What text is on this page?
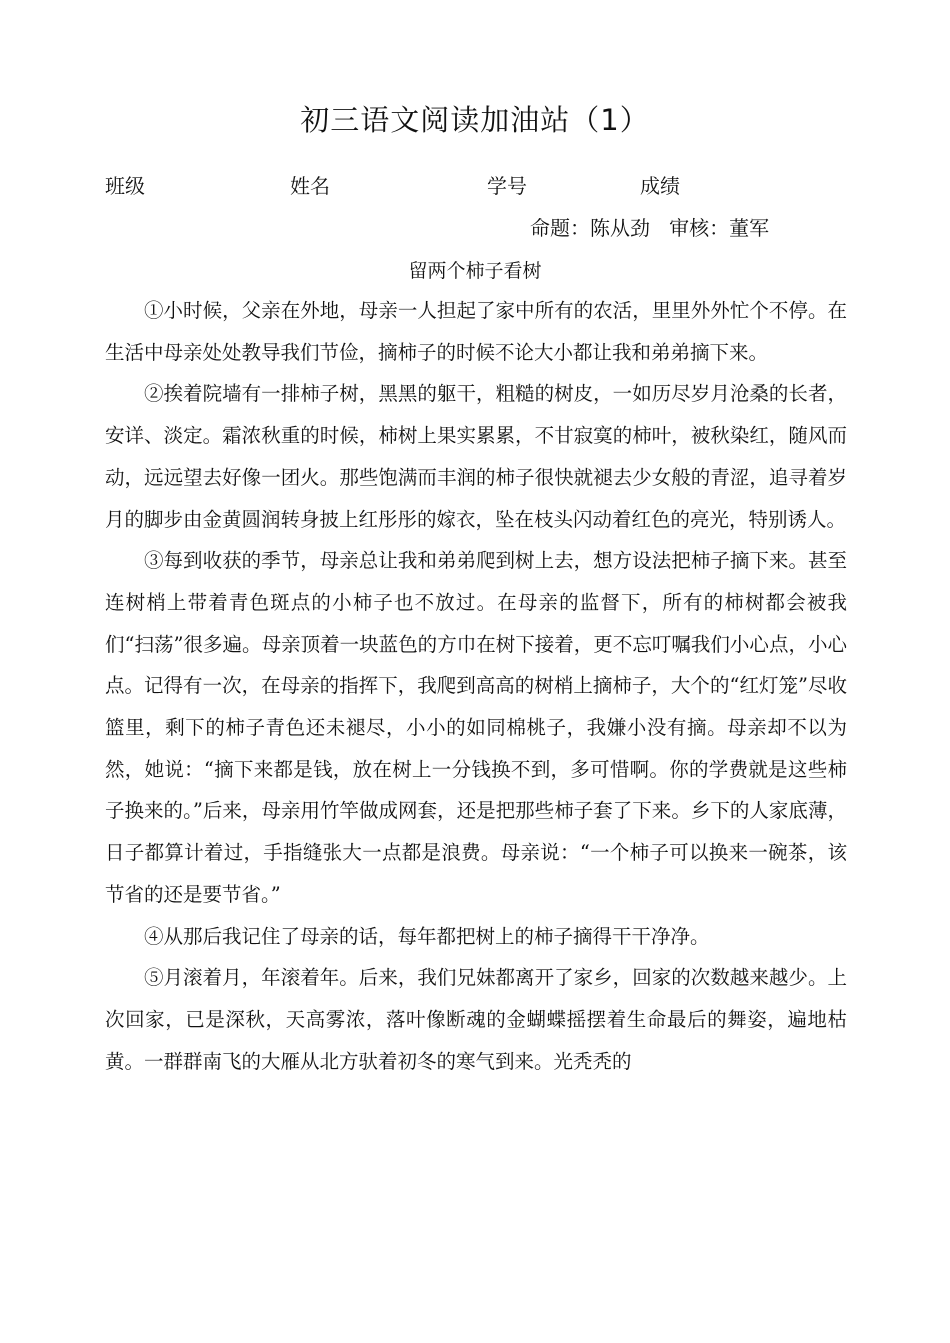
初三语文阅读加油站（1）
班级	姓名	学号	成绩
命题：陈从劲   审核：董军
留两个柿子看树

①小时候，父亲在外地，母亲一人担起了家中所有的农活，里里外外忙个不停。在生活中母亲处处教导我们节俭，摘柿子的时候不论大小都让我和弟弟摘下来。

②挨着院墙有一排柿子树，黑黑的躯干，粗糙的树皮，一如历尽岁月沧桑的长者，安详、淡定。霜浓秋重的时候，柿树上果实累累，不甘寂寞的柿叶，被秋染红，随风而动，远远望去好像一团火。那些饱满而丰润的柿子很快就褪去少女般的青涩，追寻着岁月的脚步由金黄圆润转身披上红彤彤的嫁衣，坠在枝头闪动着红色的亮光，特别诱人。

③每到收获的季节，母亲总让我和弟弟爬到树上去，想方设法把柿子摘下来。甚至连树梢上带着青色斑点的小柿子也不放过。在母亲的监督下，所有的柿树都会被我们“扫荡”很多遍。母亲顶着一块蓝色的方巾在树下接着，更不忘叮嘱我们小心点，小心点。记得有一次，在母亲的指挥下，我爬到高高的树梢上摘柿子，大个的“红灯笼”尽收篮里，剩下的柿子青色还未褪尽，小小的如同棉桃子，我嫌小没有摘。母亲却不以为然，她说：“摘下来都是钱，放在树上一分钱换不到，多可惜啊。你的学费就是这些柿子换来的。”后来，母亲用竹竿做成网套，还是把那些柿子套了下来。乡下的人家底薄，日子都算计着过，手指缝张大一点都是浪费。母亲说：“一个柿子可以换来一碗茶，该节省的还是要节省。”

④从那后我记住了母亲的话，每年都把树上的柿子摘得干干净净。

⑤月滚着月，年滚着年。后来，我们兄妹都离开了家乡，回家的次数越来越少。上次回家，已是深秋，天高雾浓，落叶像断魂的金蝴蝶摇摆着生命最后的舞姿，遍地枯黄。一群群南飞的大雁从北方驮着初冬的寒气到来。光秃秃的
